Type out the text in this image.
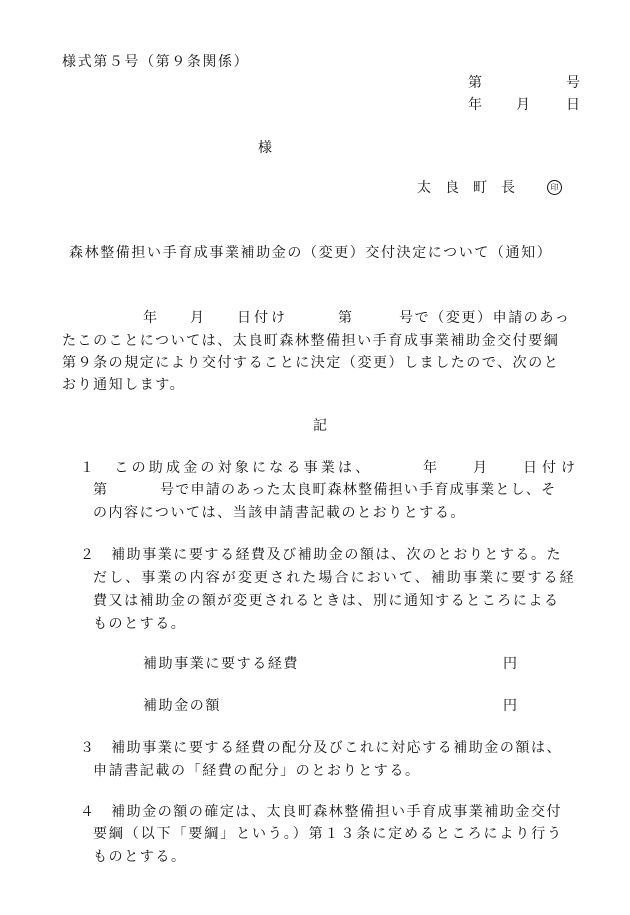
様式第５号（第９条関係）
第	号
年 月 日
様
太　良　町　長	印
森林整備担い手育成事業補助金の（変更）交付決定について（通知）
年 月 日付け	第	号で（変更）申請のあっ
たこのことについては、太良町森林整備担い手育成事業補助金交付要綱
第９条の規定により交付することに決定（変更）しましたので、次のと
おり通知します。
記
１　この助成金の対象になる事業は、	年 月 日付け
第	号で申請のあった太良町森林整備担い手育成事業とし、そ
の内容については、当該申請書記載のとおりとする。
２　補助事業に要する経費及び補助金の額は、次のとおりとする。た
だし、事業の内容が変更された場合において、補助事業に要する経
費又は補助金の額が変更されるときは、別に通知するところによる
ものとする。
補助事業に要する経費	円
補助金の額	円
３　補助事業に要する経費の配分及びこれに対応する補助金の額は、
申請書記載の「経費の配分」のとおりとする。
４　補助金の額の確定は、太良町森林整備担い手育成事業補助金交付
要綱（以下「要綱」という。）第１３条に定めるところにより行う
ものとする。
